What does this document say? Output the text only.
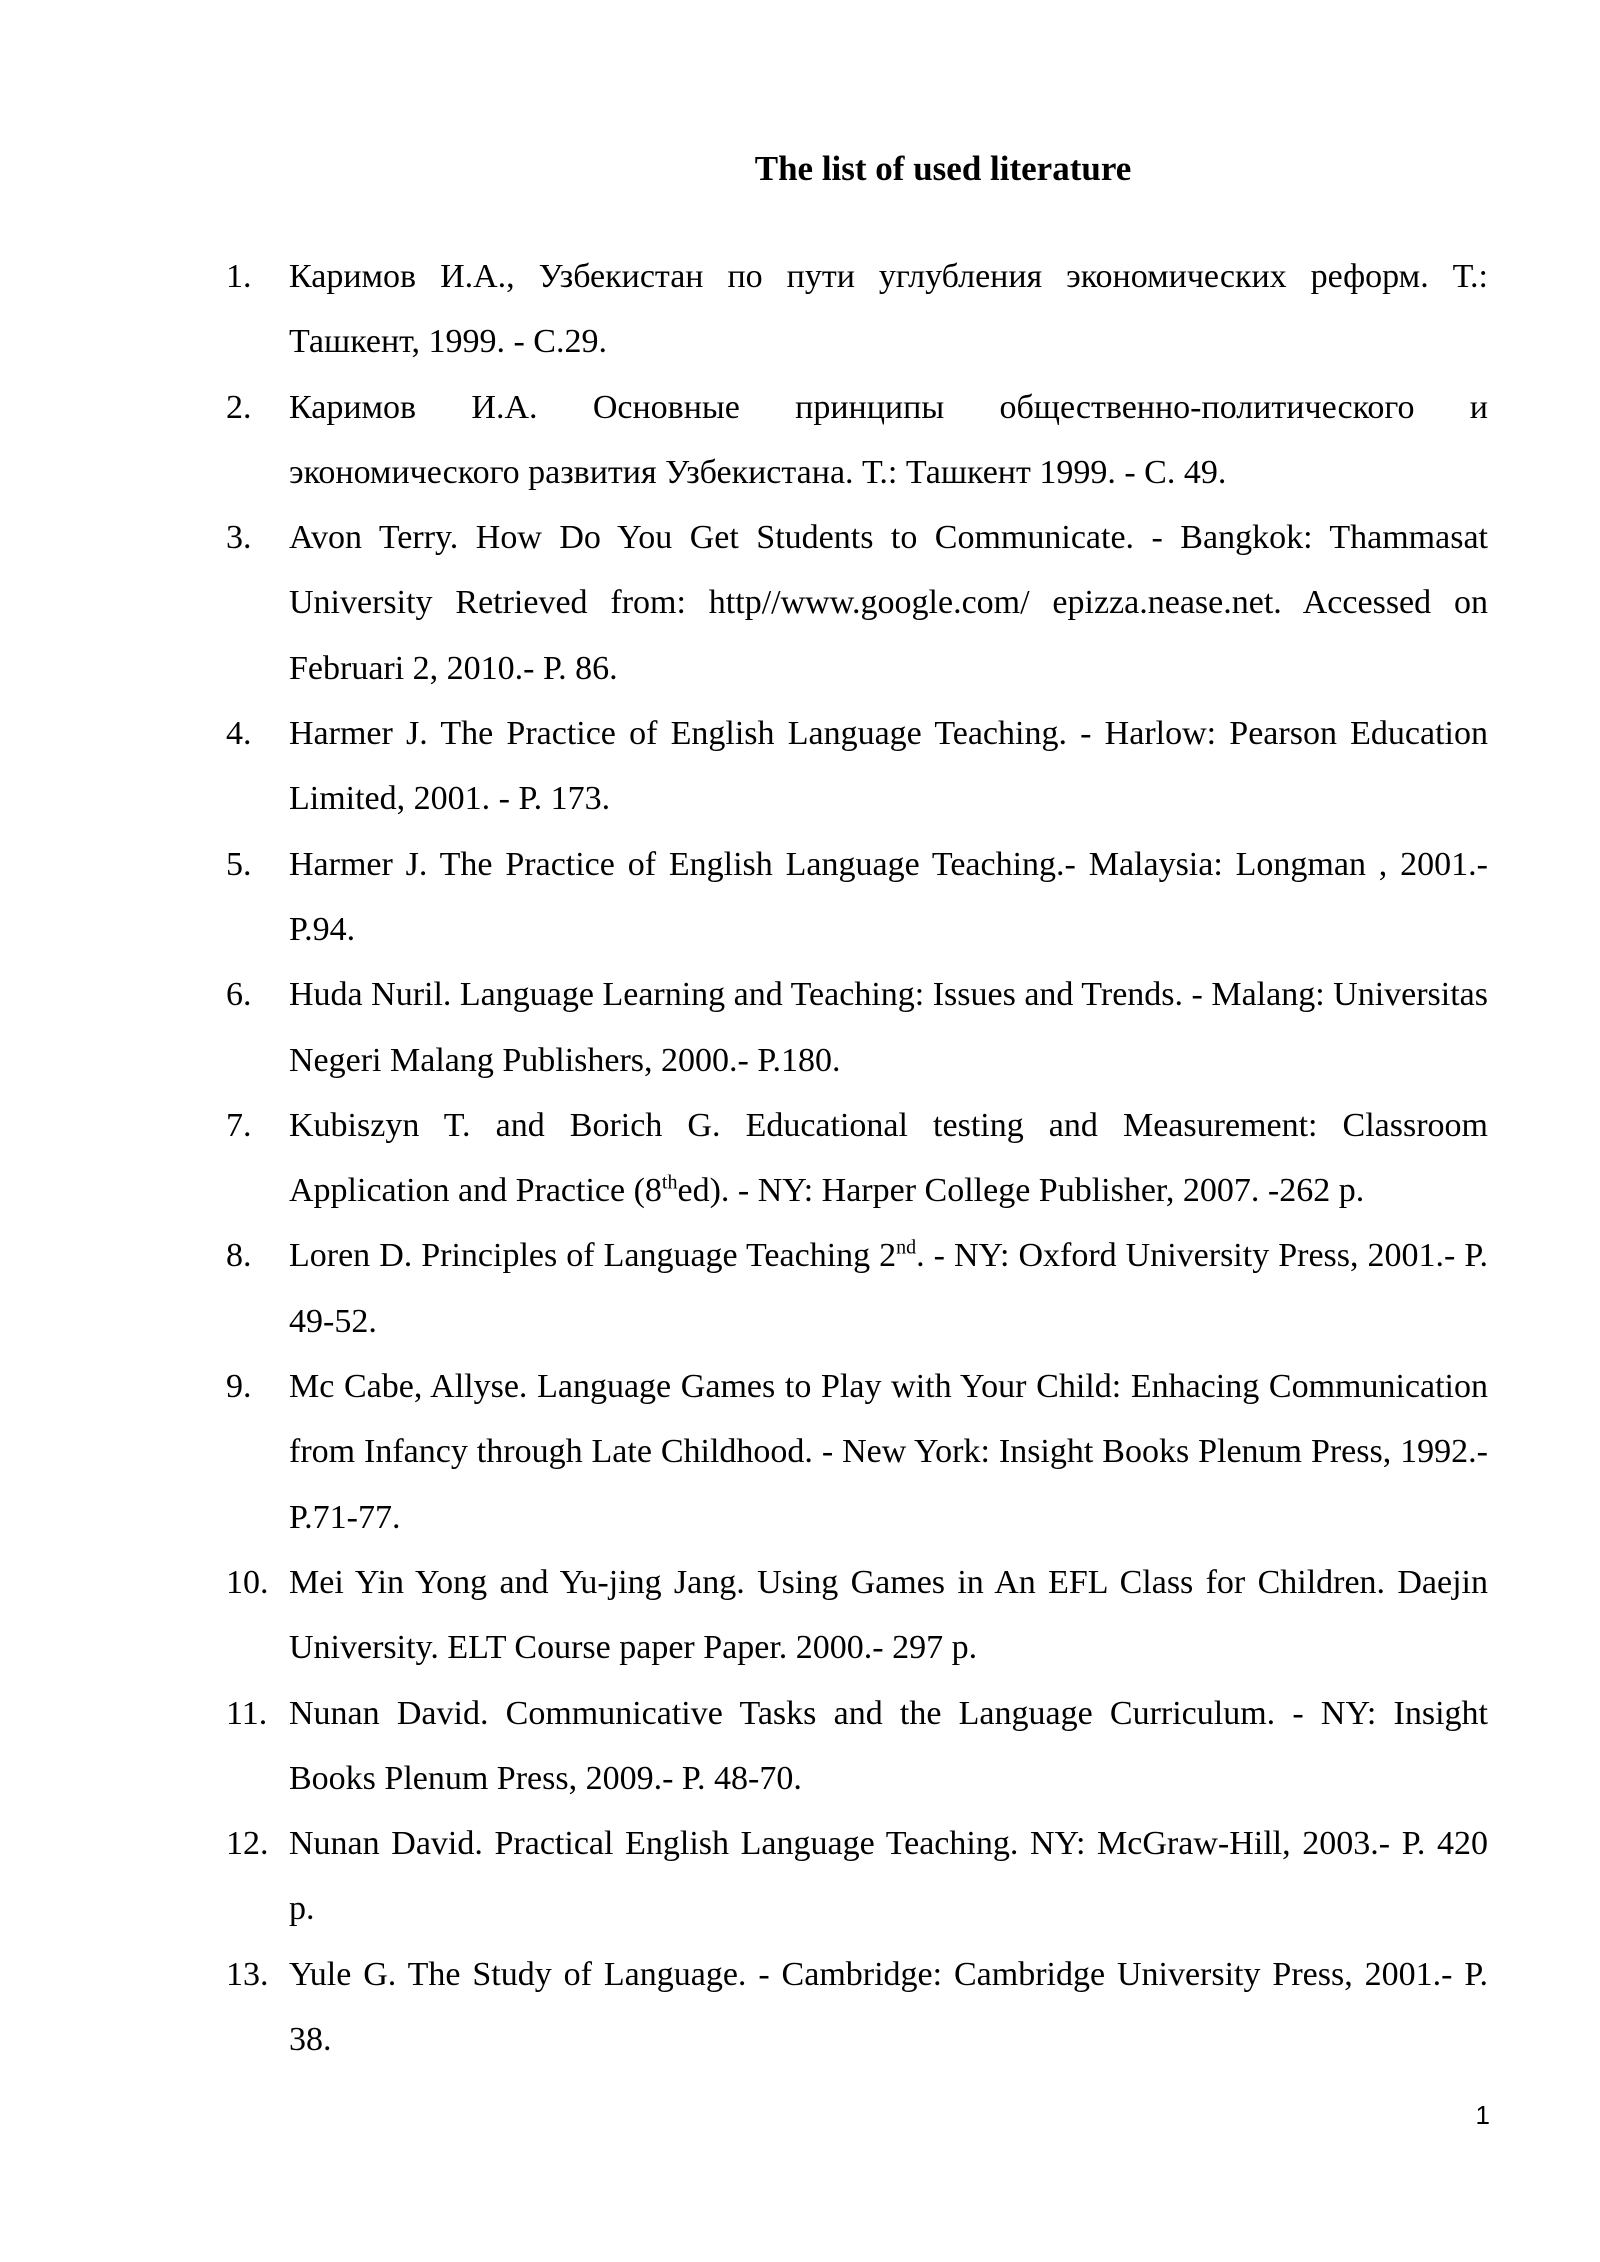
The list of used literature
1. Каримов И.А., Узбекистан по пути углубления экономических реформ. Т.: Ташкент, 1999. - С.29.
2. Каримов И.А. Основные принципы общественно-политического и экономического развития Узбекистана. Т.: Ташкент 1999. - С. 49.
3. Avon Terry. How Do You Get Students to Communicate. - Bangkok: Thammasat University Retrieved from: http//www.google.com/ epizza.nease.net. Accessed on Februari 2, 2010.- P. 86.
4. Harmer J. The Practice of English Language Teaching. - Harlow: Pearson Education Limited, 2001. - P. 173.
5. Harmer J. The Practice of English Language Teaching.- Malaysia: Longman , 2001.- P.94.
6. Huda Nuril. Language Learning and Teaching: Issues and Trends. - Malang: Universitas Negeri Malang Publishers, 2000.- P.180.
7. Kubiszyn T. and Borich G. Educational testing and Measurement: Classroom Application and Practice (8thed). - NY: Harper College Publisher, 2007. -262 p.
8. Loren D. Principles of Language Teaching 2nd. - NY: Oxford University Press, 2001.- P. 49-52.
9. Mc Cabe, Allyse. Language Games to Play with Your Child: Enhacing Communication from Infancy through Late Childhood. - New York: Insight Books Plenum Press, 1992.- P.71-77.
10. Mei Yin Yong and Yu-jing Jang. Using Games in An EFL Class for Children. Daejin University. ELT Course paper Paper. 2000.- 297 p.
11. Nunan David. Communicative Tasks and the Language Curriculum. - NY: Insight Books Plenum Press, 2009.- P. 48-70.
12. Nunan David. Practical English Language Teaching. NY: McGraw-Hill, 2003.- P. 420 p.
13. Yule G. The Study of Language. - Cambridge: Cambridge University Press, 2001.- P. 38.
1
